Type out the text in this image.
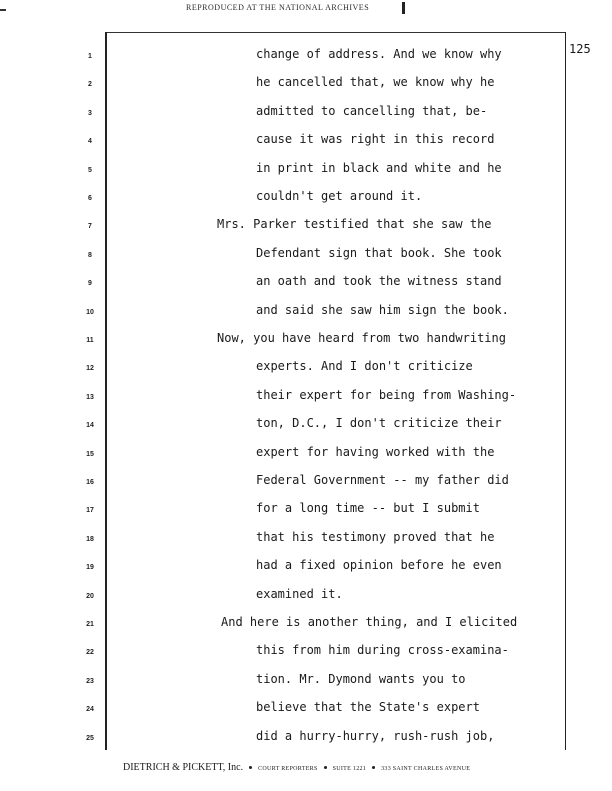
REPRODUCED AT THE NATIONAL ARCHIVES
125
1	change of address. And we know why
2	he cancelled that, we know why he
3	admitted to cancelling that, be-
4	cause it was right in this record
5	in print in black and white and he
6	couldn't get around it.
7	Mrs. Parker testified that she saw the
8	Defendant sign that book. She took
9	an oath and took the witness stand
10	and said she saw him sign the book.
11	Now, you have heard from two handwriting
12	experts. And I don't criticize
13	their expert for being from Washing-
14	ton, D.C., I don't criticize their
15	expert for having worked with the
16	Federal Government -- my father did
17	for a long time -- but I submit
18	that his testimony proved that he
19	had a fixed opinion before he even
20	examined it.
21	And here is another thing, and I elicited
22	this from him during cross-examina-
23	tion. Mr. Dymond wants you to
24	believe that the State's expert
25	did a hurry-hurry, rush-rush job,
DIETRICH & PICKETT, Inc.	COURT REPORTERS	SUITE 1221	333 SAINT CHARLES AVENUE
